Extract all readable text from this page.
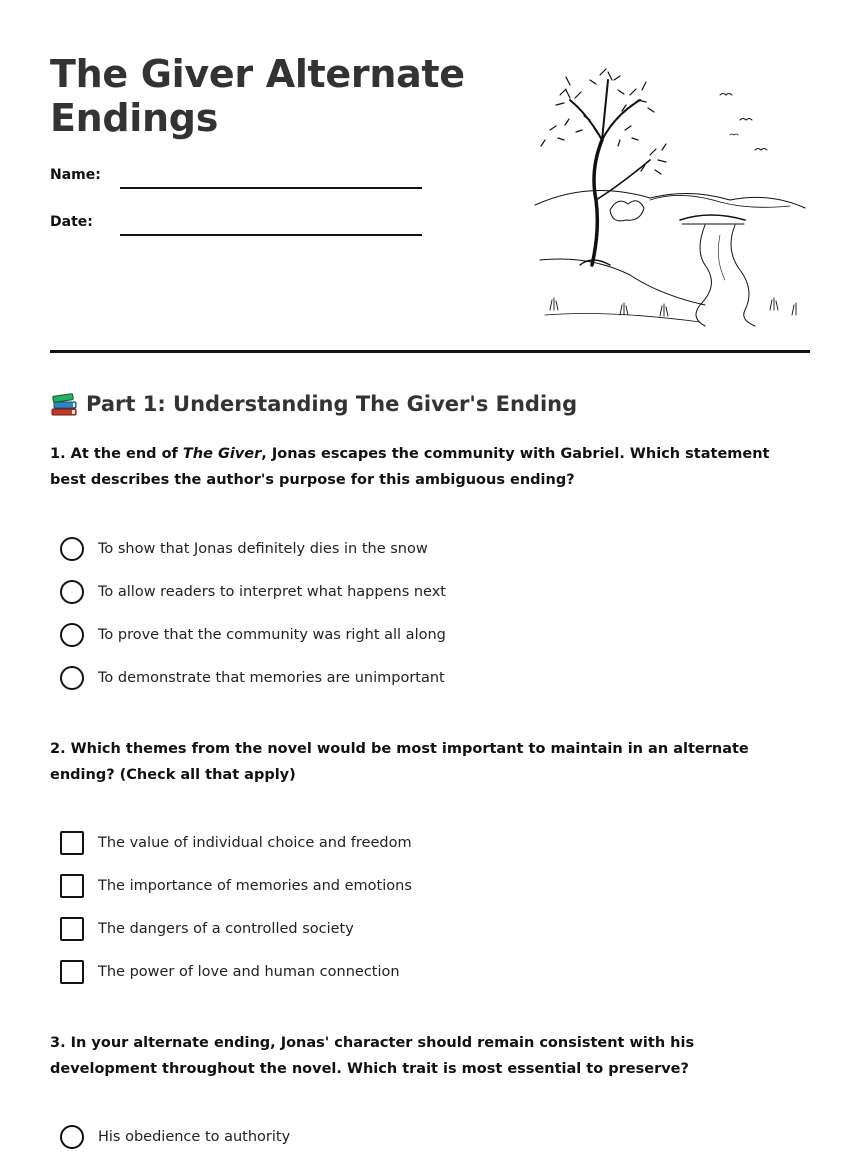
The Giver Alternate Endings
Name:
Date:
Part 1: Understanding The Giver's Ending
1. At the end of The Giver, Jonas escapes the community with Gabriel. Which statement best describes the author's purpose for this ambiguous ending?
To show that Jonas definitely dies in the snow
To allow readers to interpret what happens next
To prove that the community was right all along
To demonstrate that memories are unimportant
2. Which themes from the novel would be most important to maintain in an alternate ending? (Check all that apply)
The value of individual choice and freedom
The importance of memories and emotions
The dangers of a controlled society
The power of love and human connection
3. In your alternate ending, Jonas' character should remain consistent with his development throughout the novel. Which trait is most essential to preserve?
His obedience to authority
